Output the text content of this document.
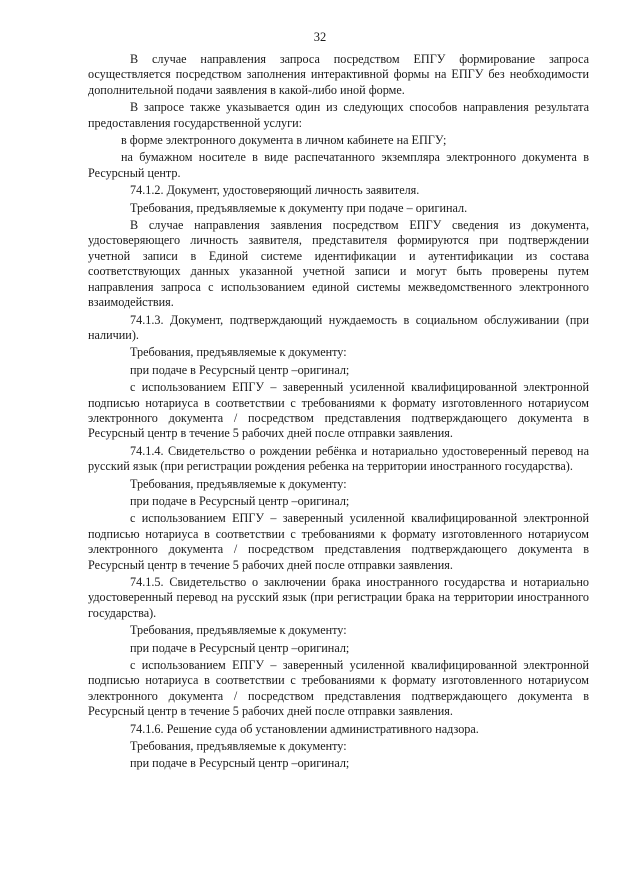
32

В случае направления запроса посредством ЕПГУ формирование запроса осуществляется посредством заполнения интерактивной формы на ЕПГУ без необходимости дополнительной подачи заявления в какой-либо иной форме.

В запросе также указывается один из следующих способов направления результата предоставления государственной услуги:

в форме электронного документа в личном кабинете на ЕПГУ;

на бумажном носителе в виде распечатанного экземпляра электронного документа в Ресурсный центр.

74.1.2. Документ, удостоверяющий личность заявителя.

Требования, предъявляемые к документу при подаче – оригинал.

В случае направления заявления посредством ЕПГУ сведения из документа, удостоверяющего личность заявителя, представителя формируются при подтверждении учетной записи в Единой системе идентификации и аутентификации из состава соответствующих данных указанной учетной записи и могут быть проверены путем направления запроса с использованием единой системы межведомственного электронного взаимодействия.

74.1.3. Документ, подтверждающий нуждаемость в социальном обслуживании (при наличии).

Требования, предъявляемые к документу:

при подаче в Ресурсный центр –оригинал;

с использованием ЕПГУ – заверенный усиленной квалифицированной электронной подписью нотариуса в соответствии с требованиями к формату изготовленного нотариусом электронного документа / посредством представления подтверждающего документа в Ресурсный центр в течение 5 рабочих дней после отправки заявления.

74.1.4. Свидетельство о рождении ребёнка и нотариально удостоверенный перевод на русский язык (при регистрации рождения ребенка на территории иностранного государства).

Требования, предъявляемые к документу:

при подаче в Ресурсный центр –оригинал;

с использованием ЕПГУ – заверенный усиленной квалифицированной электронной подписью нотариуса в соответствии с требованиями к формату изготовленного нотариусом электронного документа / посредством представления подтверждающего документа в Ресурсный центр в течение 5 рабочих дней после отправки заявления.

74.1.5. Свидетельство о заключении брака иностранного государства и нотариально удостоверенный перевод на русский язык (при регистрации брака на территории иностранного государства).

Требования, предъявляемые к документу:

при подаче в Ресурсный центр –оригинал;

с использованием ЕПГУ – заверенный усиленной квалифицированной электронной подписью нотариуса в соответствии с требованиями к формату изготовленного нотариусом электронного документа / посредством представления подтверждающего документа в Ресурсный центр в течение 5 рабочих дней после отправки заявления.

74.1.6. Решение суда об установлении административного надзора.

Требования, предъявляемые к документу:

при подаче в Ресурсный центр –оригинал;
